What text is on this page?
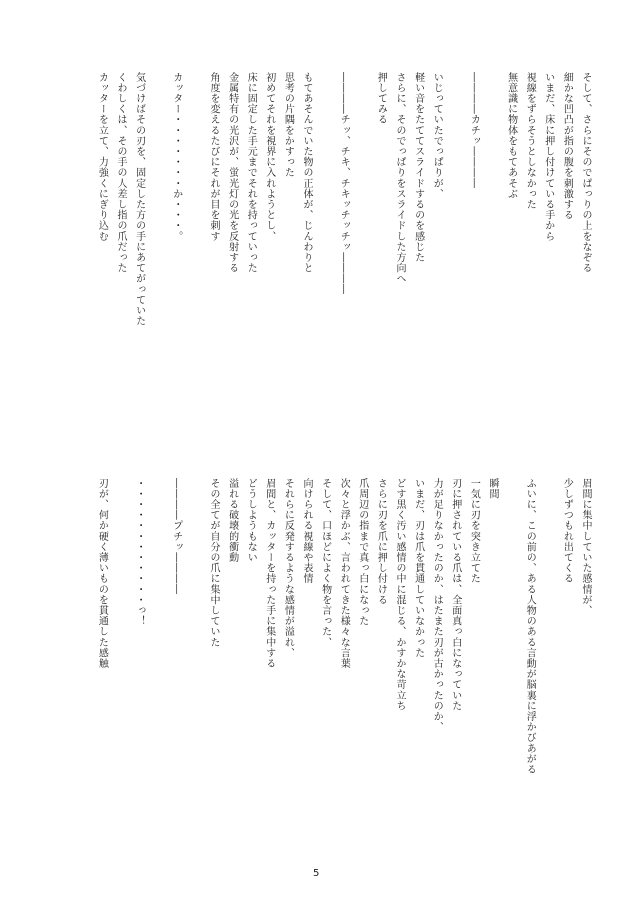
そして、さらにそのでぱっりの上をなぞる
細かな凹凸が指の腹を刺激する
いまだ、床に押し付けている手から
視線をずらそうとしなかった
無意識に物体をもてあそぶ
――――カチッ――――
いじっていたでっぱりが、
軽い音をたててスライドするのを感じた
さらに、そのでっぱりをスライドした方向へ
押してみる
――――チッ、チキ、チキッチッチッ――――
もてあそんでいた物の正体が、じんわりと
思考の片隅をかすった
初めてそれを視界に入れようとし、
床に固定した手元までそれを持っていった
金属特有の光沢が、蛍光灯の光を反射する
角度を変えるたびにそれが目を刺す
カッター・・・・・・・か・・・。
気づけばその刃を、固定した方の手にあてがっていた
くわしくは、その手の人差し指の爪だった
カッターを立て、力強くにぎり込む
眉間に集中していた感情が、
少しずつもれ出てくる
ふいに、この前の、ある人物のある言動が脳裏に浮かびあがる
瞬間
一気に刃を突き立てた
刃に押されている爪は、全面真っ白になっていた
力が足りなかったのか、はたまた刃が古かったのか、
いまだ、刃は爪を貫通していなかった
どす黒く汚い感情の中に混じる、かすかな苛立ち
さらに刃を爪に押し付ける
爪周辺の指まで真っ白になった
次々と浮かぶ、言われてきた様々な言葉
そして、口ほどによく物を言った、
向けられる視線や表情
それらに反発するような感情が溢れ、
眉間と、カッターを持った手に集中する
どうしようもない
溢れる破壊的衝動
その全てが自分の爪に集中していた
――――プチッ――――
・・・・・・・・・・・・っ！
刃が、何か硬く薄いものを貫通した感触
5
